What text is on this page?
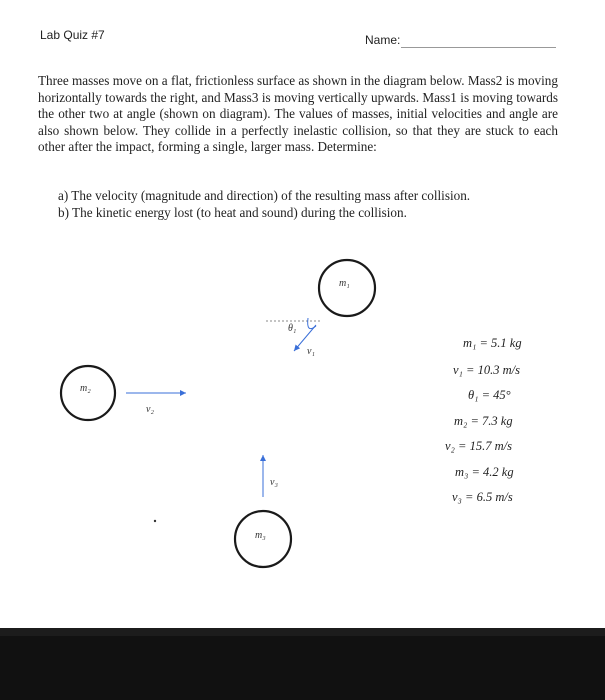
Lab Quiz #7	Name:

Three masses move on a flat, frictionless surface as shown in the diagram below. Mass2 is moving horizontally towards the right, and Mass3 is moving vertically upwards. Mass1 is moving towards the other two at angle (shown on diagram). The values of masses, initial velocities and angle are also shown below. They collide in a perfectly inelastic collision, so that they are stuck to each other after the impact, forming a single, larger mass. Determine:

a) The velocity (magnitude and direction) of the resulting mass after collision.
b) The kinetic energy lost (to heat and sound) during the collision.
m₁
θ₁
v₁
m₂
v₂
m₃
v₃
m₁ = 5.1 kg
v₁ = 10.3 m/s
θ₁ = 45°
m₂ = 7.3 kg
v₂ = 15.7 m/s
m₃ = 4.2 kg
v₃ = 6.5 m/s
